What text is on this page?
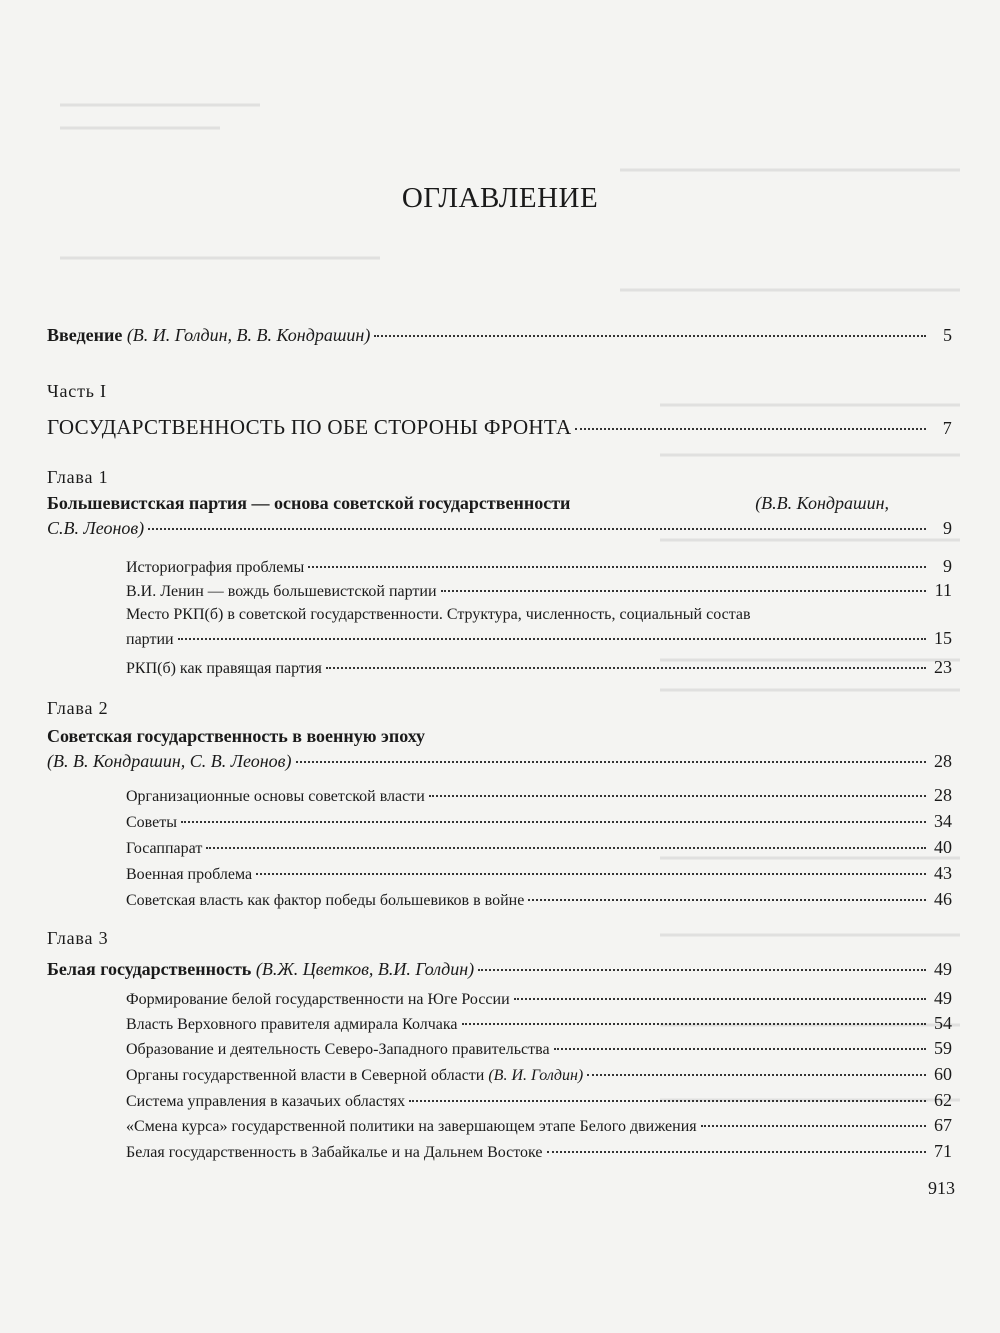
ОГЛАВЛЕНИЕ
Введение (В. И. Голдин, В. В. Кондрашин)	5
Часть I
ГОСУДАРСТВЕННОСТЬ ПО ОБЕ СТОРОНЫ ФРОНТА	7
Глава 1
Большевистская партия — основа советской государственности	(В.В. Кондрашин,
С.В. Леонов)	9
Историография проблемы	9
В.И. Ленин — вождь большевистской партии	11
Место РКП(б) в советской государственности. Структура, численность, социальный состав
партии	15
РКП(б) как правящая партия	23
Глава 2
Советская государственность в военную эпоху
(В. В. Кондрашин, С. В. Леонов)	28
Организационные основы советской власти	28
Советы	34
Госаппарат	40
Военная проблема	43
Советская власть как фактор победы большевиков в войне	46
Глава 3
Белая государственность (В.Ж. Цветков, В.И. Голдин)	49
Формирование белой государственности на Юге России	49
Власть Верховного правителя адмирала Колчака	54
Образование и деятельность Северо-Западного правительства	59
Органы государственной власти в Северной области (В. И. Голдин)	60
Система управления в казачьих областях	62
«Смена курса» государственной политики на завершающем этапе Белого движения	67
Белая государственность в Забайкалье и на Дальнем Востоке	71
913
